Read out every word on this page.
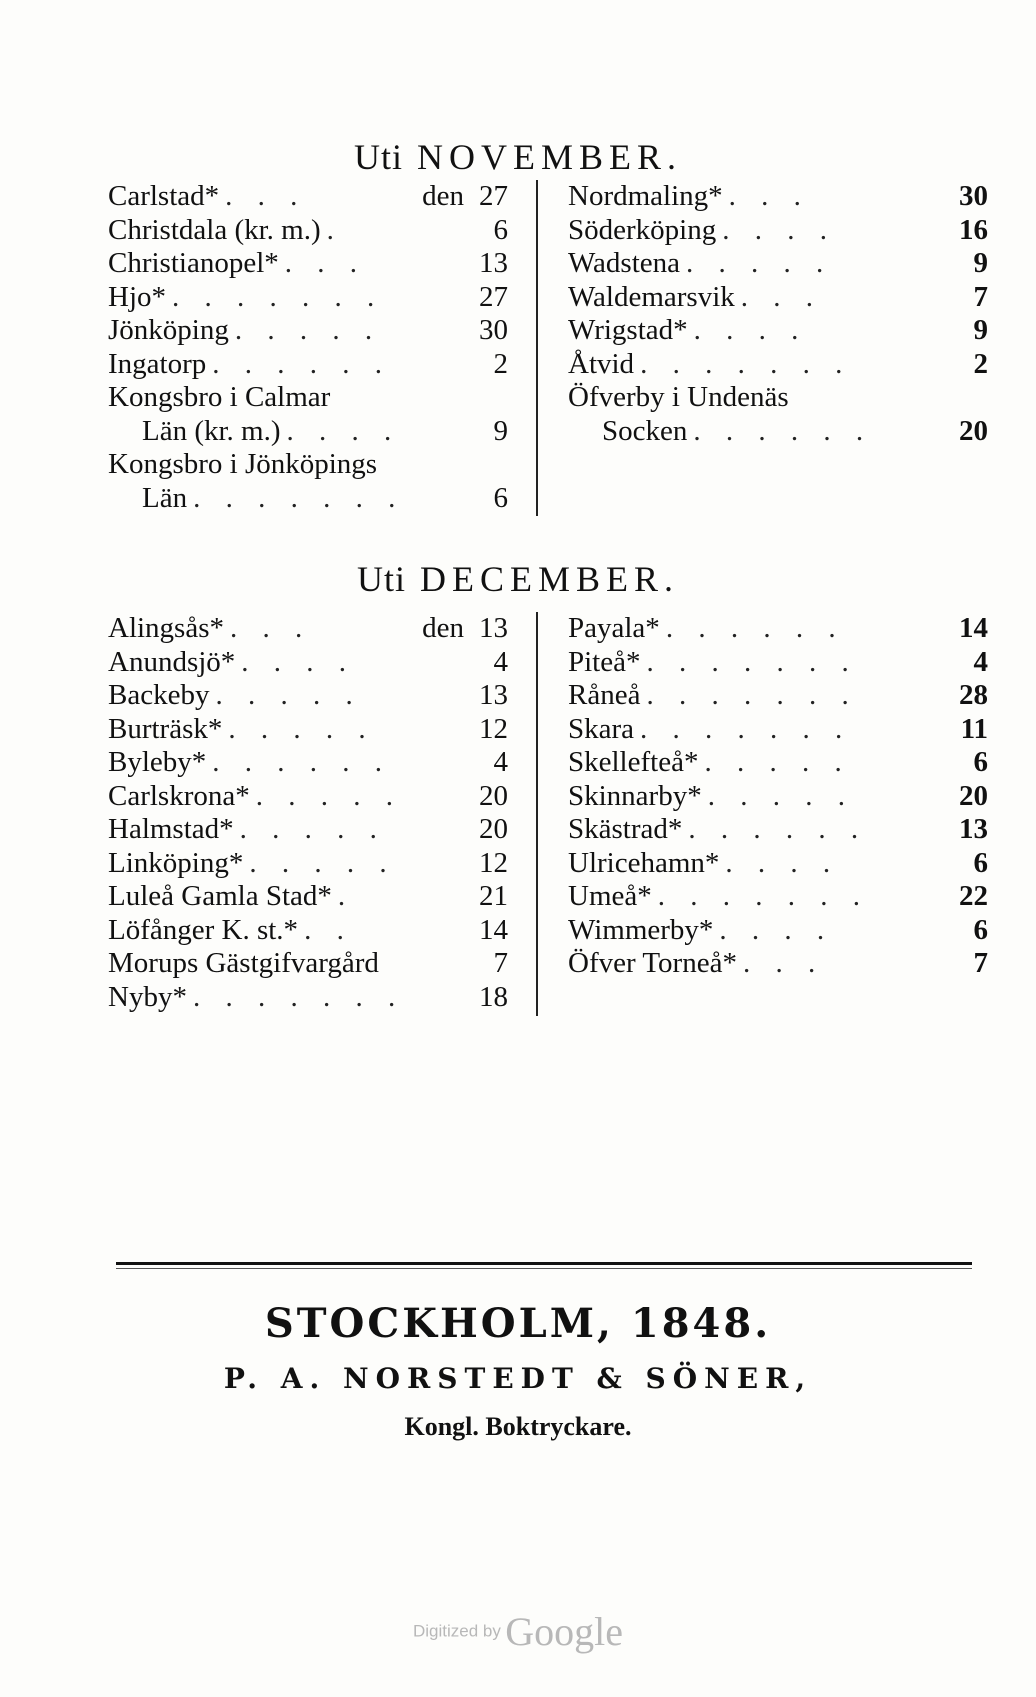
Uti NOVEMBER.
Carlstad* . . .	den 27
Christdala (kr. m.) .	6
Christianopel* . . .	13
Hjo* . . . . . . .	27
Jönköping . . . . .	30
Ingatorp . . . . . .	2
Kongsbro i Calmar
Län (kr. m.) . . . .	9
Kongsbro i Jönköpings
Län . . . . . . .	6
Nordmaling* . . .	30
Söderköping . . . .	16
Wadstena . . . . .	9
Waldemarsvik . . .	7
Wrigstad* . . . .	9
Åtvid . . . . . . .	2
Öfverby i Undenäs
Socken . . . . . .	20
Uti DECEMBER.
Alingsås* . . .	den 13
Anundsjö* . . . .	4
Backeby . . . . .	13
Burträsk* . . . . .	12
Byleby* . . . . . .	4
Carlskrona* . . . . .	20
Halmstad* . . . . .	20
Linköping* . . . . .	12
Luleå Gamla Stad* .	21
Löfånger K. st.* . .	14
Morups Gästgifvargård	7
Nyby* . . . . . . .	18
Payala* . . . . . .	14
Piteå* . . . . . . .	4
Råneå . . . . . . .	28
Skara . . . . . . .	11
Skellefteå* . . . . .	6
Skinnarby* . . . . .	20
Skästrad* . . . . . .	13
Ulricehamn* . . . .	6
Umeå* . . . . . . .	22
Wimmerby* . . . .	6
Öfver Torneå* . . .	7
STOCKHOLM, 1848.
P. A. NORSTEDT & SÖNER,
Kongl. Boktryckare.
Digitized by Google
